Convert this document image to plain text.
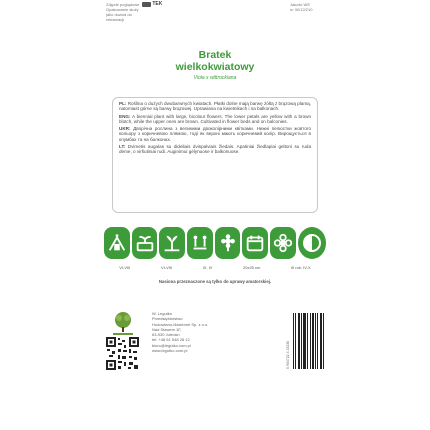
Zdjęcie poglądowe	TEK
Opakowanie służy jako dowód do reklamacji
Jakość WE
nr 30/12/210
Bratek
wielkokwiatowy
Viola x wittrockiana

PL: Roślina o dużych dwubarwnych kwiatach. Płatki dolne mają barwę żółtą z brązową plamą, natomiast górne są barwy brązowej. Uprawiana na kwietnikach i na balkonach.

ENG: A biennial plant with large, bicolour flowers. The lower petals are yellow with a brown blotch, while the upper ones are brown. Cultivated in flower beds and on balconies.

UKR: Дворічна рослина з великими двоколірними квітками. Нижні пелюстки жовтого кольору з коричневою плямою, тоді як верхні мають коричневий колір. Вирощується в клумбах та на балконах.

LT: Dvimetis augalas su dideliais dvispalviais žiedais. Apatiniai žiedlapiai geltoni su ruda dėme, o viršutiniai rudi. Auginimui gėlynuose ir balkonuose.

VI-VIII	VI-VIII	IX, IV	20x25 cm	III rok: IV-X
Nasiona przeznaczone są tylko do uprawy amatorskiej.
W. Legutko
Przedsiębiorstwo
Hodowlano-Nasienne Sp. z o.o.
Nad Stawem 1F,
63-930 Jutrosin
tel. +48 61 548 28 12
biuro@legutko.com.pl
www.legutko.com.pl	5 904722 4 15230
